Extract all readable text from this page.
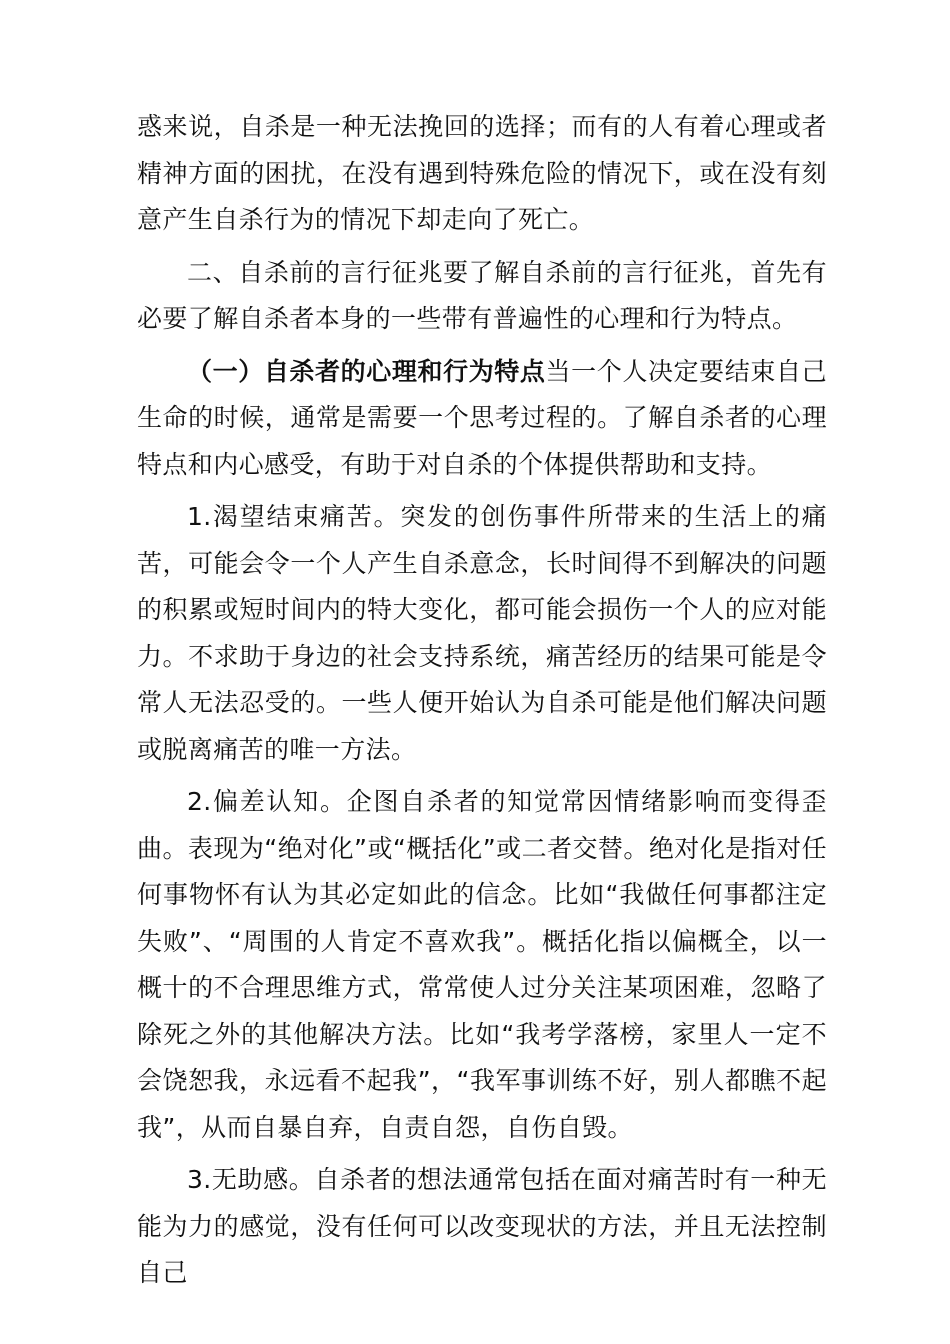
惑来说，自杀是一种无法挽回的选择；而有的人有着心理或者精神方面的困扰，在没有遇到特殊危险的情况下，或在没有刻意产生自杀行为的情况下却走向了死亡。

二、自杀前的言行征兆要了解自杀前的言行征兆，首先有必要了解自杀者本身的一些带有普遍性的心理和行为特点。

（一）自杀者的心理和行为特点当一个人决定要结束自己生命的时候，通常是需要一个思考过程的。了解自杀者的心理特点和内心感受，有助于对自杀的个体提供帮助和支持。

1.渴望结束痛苦。突发的创伤事件所带来的生活上的痛苦，可能会令一个人产生自杀意念，长时间得不到解决的问题的积累或短时间内的特大变化，都可能会损伤一个人的应对能力。不求助于身边的社会支持系统，痛苦经历的结果可能是令常人无法忍受的。一些人便开始认为自杀可能是他们解决问题或脱离痛苦的唯一方法。

2.偏差认知。企图自杀者的知觉常因情绪影响而变得歪曲。表现为“绝对化”或“概括化”或二者交替。绝对化是指对任何事物怀有认为其必定如此的信念。比如“我做任何事都注定失败”、“周围的人肯定不喜欢我”。概括化指以偏概全，以一概十的不合理思维方式，常常使人过分关注某项困难，忽略了除死之外的其他解决方法。比如“我考学落榜，家里人一定不会饶恕我，永远看不起我”，“我军事训练不好，别人都瞧不起我”，从而自暴自弃，自责自怨，自伤自毁。

3.无助感。自杀者的想法通常包括在面对痛苦时有一种无能为力的感觉，没有任何可以改变现状的方法，并且无法控制自己
